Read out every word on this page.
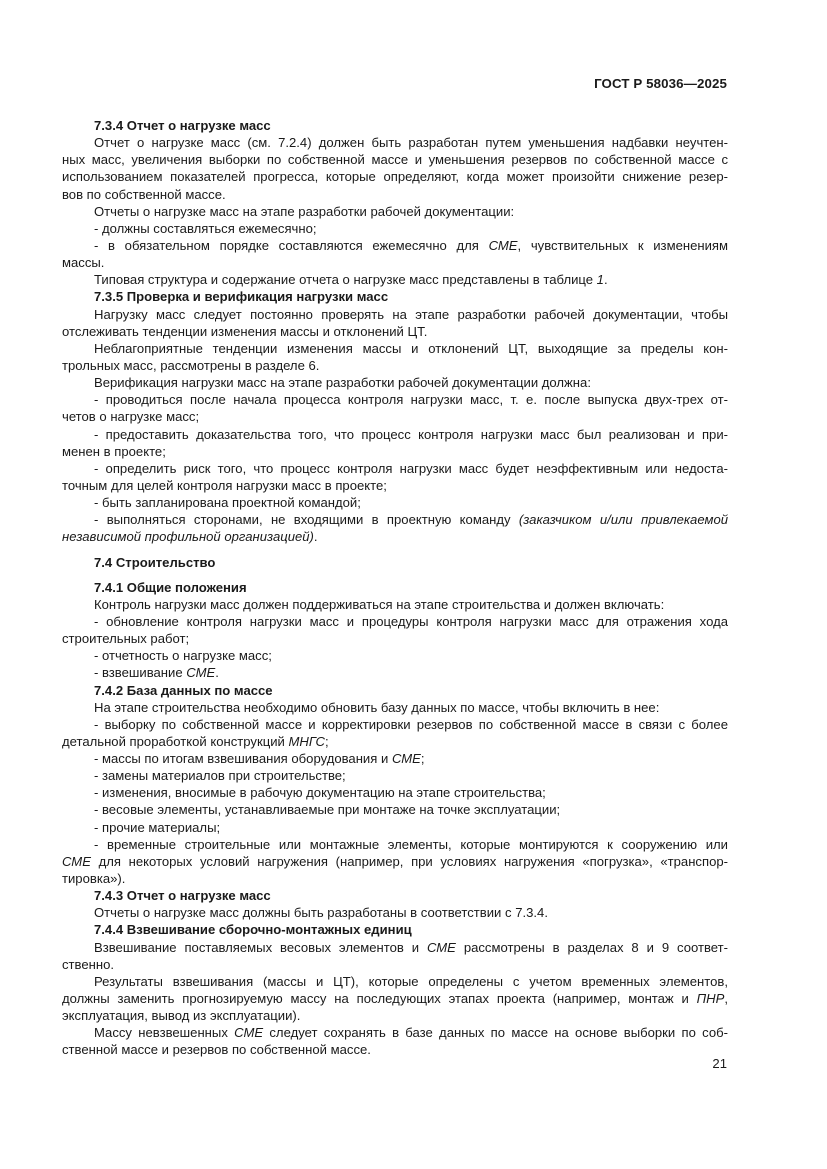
ГОСТ Р 58036—2025
7.3.4 Отчет о нагрузке масс
Отчет о нагрузке масс (см. 7.2.4) должен быть разработан путем уменьшения надбавки неучтен-
ных масс, увеличения выборки по собственной массе и уменьшения резервов по собственной массе с
использованием показателей прогресса, которые определяют, когда может произойти снижение резер-
вов по собственной массе.
Отчеты о нагрузке масс на этапе разработки рабочей документации:
- должны составляться ежемесячно;
- в обязательном порядке составляются ежемесячно для СМЕ, чувствительных к изменениям
массы.
Типовая структура и содержание отчета о нагрузке масс представлены в таблице 1.
7.3.5 Проверка и верификация нагрузки масс
Нагрузку масс следует постоянно проверять на этапе разработки рабочей документации, чтобы
отслеживать тенденции изменения массы и отклонений ЦТ.
Неблагоприятные тенденции изменения массы и отклонений ЦТ, выходящие за пределы кон-
трольных масс, рассмотрены в разделе 6.
Верификация нагрузки масс на этапе разработки рабочей документации должна:
- проводиться после начала процесса контроля нагрузки масс, т. е. после выпуска двух-трех от-
четов о нагрузке масс;
- предоставить доказательства того, что процесс контроля нагрузки масс был реализован и при-
менен в проекте;
- определить риск того, что процесс контроля нагрузки масс будет неэффективным или недоста-
точным для целей контроля нагрузки масс в проекте;
- быть запланирована проектной командой;
- выполняться сторонами, не входящими в проектную команду (заказчиком и/или привлекаемой
независимой профильной организацией).
7.4 Строительство
7.4.1 Общие положения
Контроль нагрузки масс должен поддерживаться на этапе строительства и должен включать:
- обновление контроля нагрузки масс и процедуры контроля нагрузки масс для отражения хода
строительных работ;
- отчетность о нагрузке масс;
- взвешивание СМЕ.
7.4.2 База данных по массе
На этапе строительства необходимо обновить базу данных по массе, чтобы включить в нее:
- выборку по собственной массе и корректировки резервов по собственной массе в связи с более
детальной проработкой конструкций МНГС;
- массы по итогам взвешивания оборудования и СМЕ;
- замены материалов при строительстве;
- изменения, вносимые в рабочую документацию на этапе строительства;
- весовые элементы, устанавливаемые при монтаже на точке эксплуатации;
- прочие материалы;
- временные строительные или монтажные элементы, которые монтируются к сооружению или
СМЕ для некоторых условий нагружения (например, при условиях нагружения «погрузка», «транспор-
тировка»).
7.4.3 Отчет о нагрузке масс
Отчеты о нагрузке масс должны быть разработаны в соответствии с 7.3.4.
7.4.4 Взвешивание сборочно-монтажных единиц
Взвешивание поставляемых весовых элементов и СМЕ рассмотрены в разделах 8 и 9 соответ-
ственно.
Результаты взвешивания (массы и ЦТ), которые определены с учетом временных элементов,
должны заменить прогнозируемую массу на последующих этапах проекта (например, монтаж и ПНР,
эксплуатация, вывод из эксплуатации).
Массу невзвешенных СМЕ следует сохранять в базе данных по массе на основе выборки по соб-
ственной массе и резервов по собственной массе.
21
